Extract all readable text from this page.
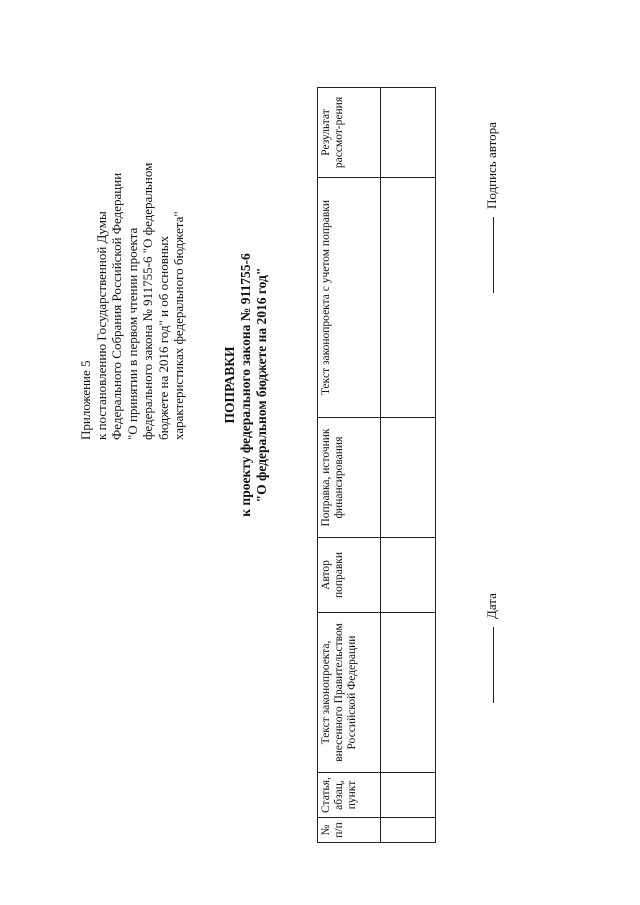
Приложение 5 к постановлению Государственной Думы Федерального Собрания Российской Федерации "О принятии в первом чтении проекта федерального закона № 911755-6 "О федеральном бюджете на 2016 год" и об основных характеристиках федерального бюджета"	ПОПРАВКИ к проекту федерального закона № 911755-6 "О федеральном бюджете на 2016 год"
№ п/п	Статья, абзац, пункт	Текст законопроекта, внесенного Правительством Российской Федерации	Автор поправки	Поправка, источник финансирования	Текст законопроекта с учетом поправки	Результат рассмот-рения

Дата
Подпись автора
